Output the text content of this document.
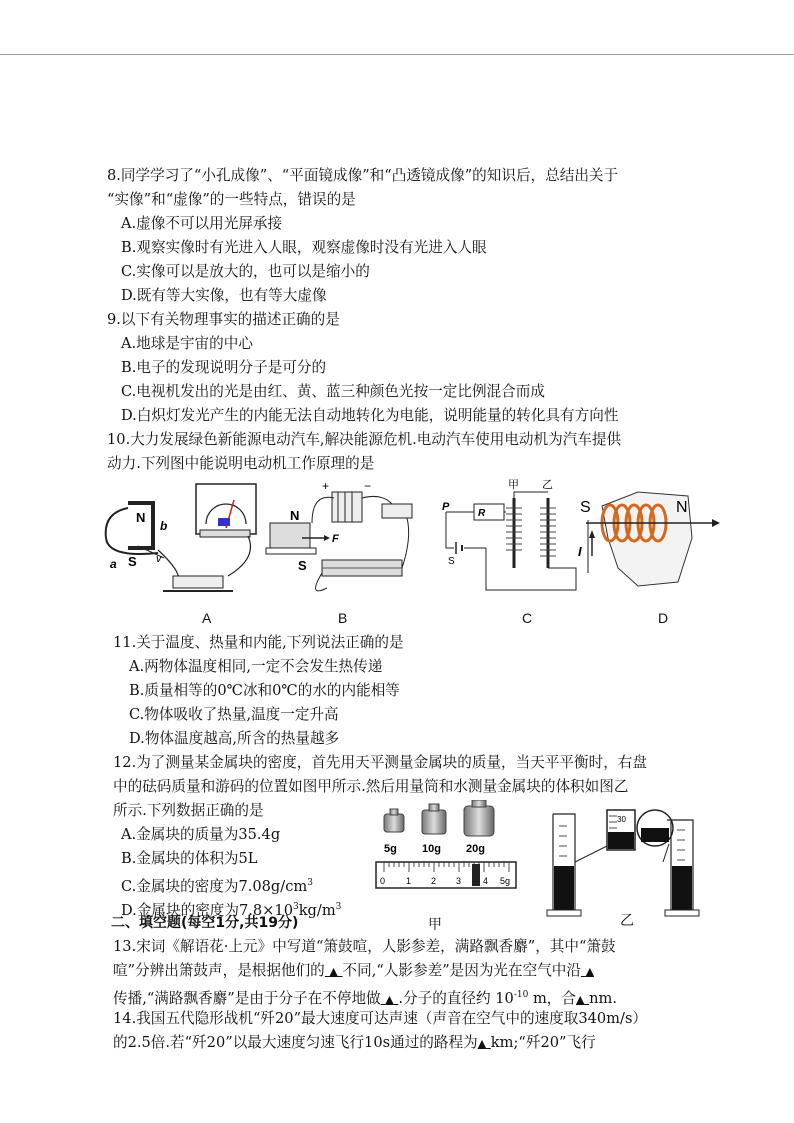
8.同学学习了“小孔成像”、“平面镜成像”和“凸透镜成像”的知识后，总结出关于
“实像”和“虚像”的一些特点，错误的是
A.虚像不可以用光屏承接
B.观察实像时有光进入人眼，观察虚像时没有光进入人眼
C.实像可以是放大的，也可以是缩小的
D.既有等大实像，也有等大虚像
9.以下有关物理事实的描述正确的是
A.地球是宇宙的中心
B.电子的发现说明分子是可分的
C.电视机发出的光是由红、黄、蓝三种颜色光按一定比例混合而成
D.白炽灯发光产生的内能无法自动地转化为电能，说明能量的转化具有方向性
10.大力发展绿色新能源电动汽车,解决能源危机.电动汽车使用电动机为汽车提供
动力.下列图中能说明电动机工作原理的是
N
S
b
a	v
N
S
F
+	−	甲 乙
P
R
S
S	N
I
A	B	C	D
11.关于温度、热量和内能,下列说法正确的是
A.两物体温度相同,一定不会发生热传递
B.质量相等的0℃冰和0℃的水的内能相等
C.物体吸收了热量,温度一定升高
D.物体温度越高,所含的热量越多
12.为了测量某金属块的密度，首先用天平测量金属块的质量，当天平平衡时，右盘
中的砝码质量和游码的位置如图甲所示.然后用量筒和水测量金属块的体积如图乙
所示.下列数据正确的是
A.金属块的质量为35.4g
B.金属块的体积为5L
C.金属块的密度为$7.08g/cm^3$
D.金属块的密度为$7.8\times 10^3kg/m^3$
5g 10g 20g
0 1 2 3 4 5g
甲
30
乙
二、填空题(每空1分,共19分)
13.宋词《解语花·上元》中写道“箫鼓喧，人影参差，满路飘香麝”，其中“箫鼓
喧”分辨出箫鼓声，是根据他们的 ▲ 不同,“人影参差”是因为光在空气中沿 ▲
传播,“满路飘香麝”是由于分子在不停地做 ▲ .分子的直径约 $10^{-10}$ m，合▲ nm.
14.我国五代隐形战机“歼20”最大速度可达声速（声音在空气中的速度取340m/s）
的2.5倍.若“歼20”以最大速度匀速飞行10s通过的路程为▲ km;“歼20”飞行
